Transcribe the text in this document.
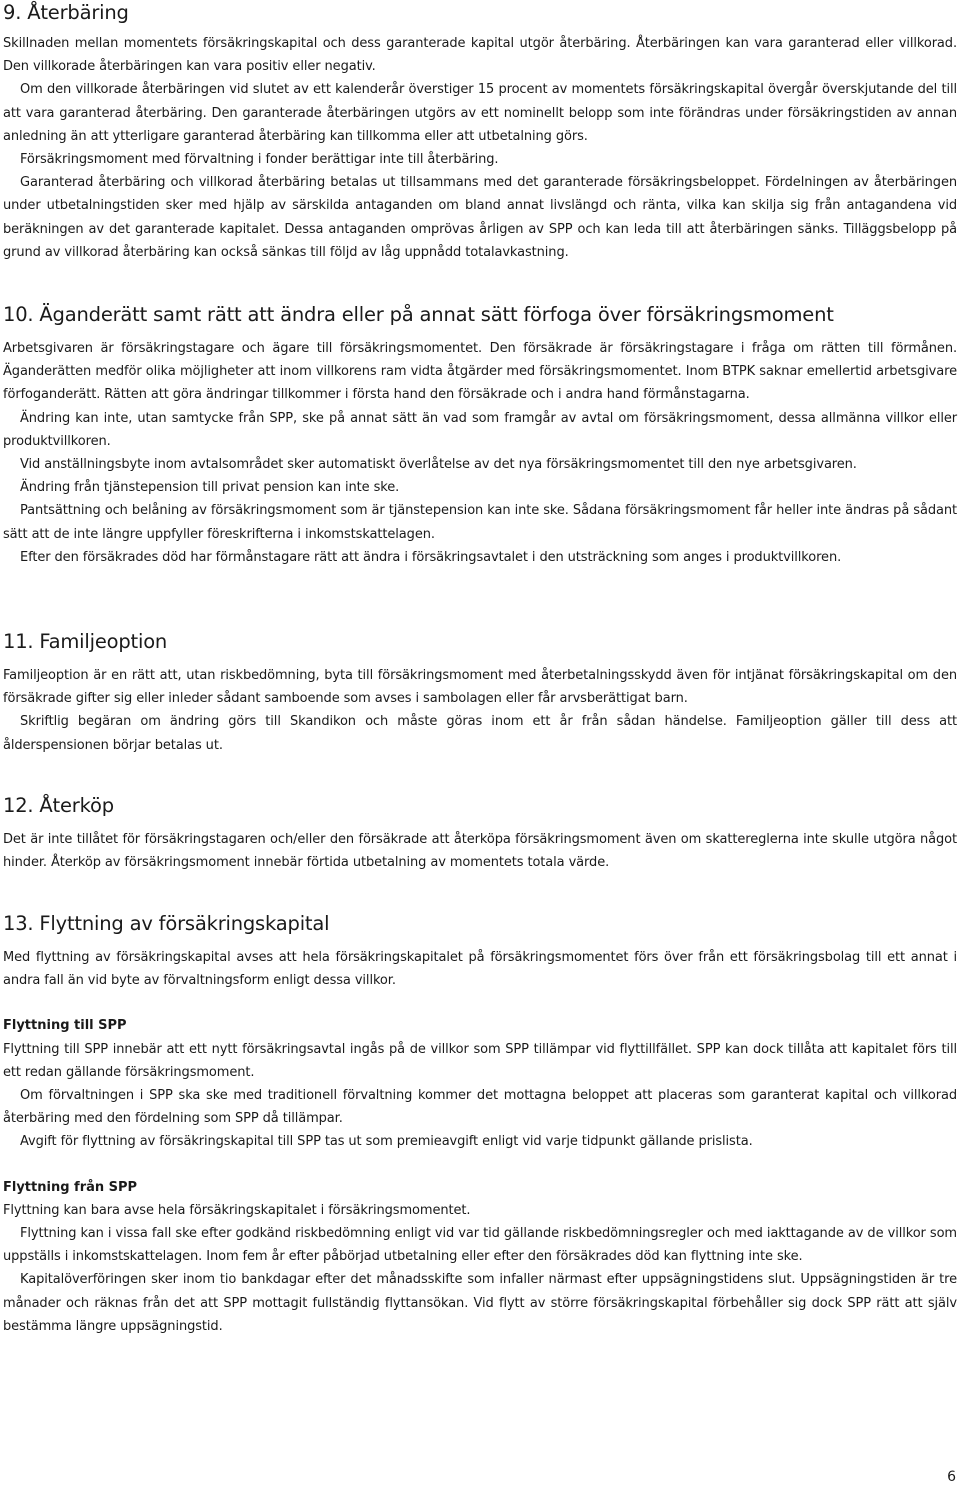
9. Återbäring

Skillnaden mellan momentets försäkringskapital och dess garanterade kapital utgör återbäring. Återbäringen kan vara garanterad eller villkorad. Den villkorade återbäringen kan vara positiv eller negativ.

Om den villkorade återbäringen vid slutet av ett kalenderår överstiger 15 procent av momentets försäkringskapital övergår överskjutande del till att vara garanterad återbäring. Den garanterade återbäringen utgörs av ett nominellt belopp som inte förändras under försäkringstiden av annan anledning än att ytterligare garanterad återbäring kan tillkomma eller att utbetalning görs.

Försäkringsmoment med förvaltning i fonder berättigar inte till återbäring.

Garanterad återbäring och villkorad återbäring betalas ut tillsammans med det garanterade försäkringsbeloppet. Fördelningen av återbäringen under utbetalningstiden sker med hjälp av särskilda antaganden om bland annat livslängd och ränta, vilka kan skilja sig från antagandena vid beräkningen av det garanterade kapitalet. Dessa antaganden omprövas årligen av SPP och kan leda till att återbäringen sänks. Tilläggsbelopp på grund av villkorad återbäring kan också sänkas till följd av låg uppnådd totalavkastning.

10. Äganderätt samt rätt att ändra eller på annat sätt förfoga över försäkringsmoment

Arbetsgivaren är försäkringstagare och ägare till försäkringsmomentet. Den försäkrade är försäkringstagare i fråga om rätten till förmånen. Äganderätten medför olika möjligheter att inom villkorens ram vidta åtgärder med försäkringsmomentet. Inom BTPK saknar emellertid arbetsgivare förfoganderätt. Rätten att göra ändringar tillkommer i första hand den försäkrade och i andra hand förmånstagarna.

Ändring kan inte, utan samtycke från SPP, ske på annat sätt än vad som framgår av avtal om försäkringsmoment, dessa allmänna villkor eller produktvillkoren.

Vid anställningsbyte inom avtalsområdet sker automatiskt överlåtelse av det nya försäkringsmomentet till den nye arbetsgivaren.

Ändring från tjänstepension till privat pension kan inte ske.

Pantsättning och belåning av försäkringsmoment som är tjänstepension kan inte ske. Sådana försäkringsmoment får heller inte ändras på sådant sätt att de inte längre uppfyller föreskrifterna i inkomstskattelagen.

Efter den försäkrades död har förmånstagare rätt att ändra i försäkringsavtalet i den utsträckning som anges i produktvillkoren.

11. Familjeoption

Familjeoption är en rätt att, utan riskbedömning, byta till försäkringsmoment med återbetalningsskydd även för intjänat försäkringskapital om den försäkrade gifter sig eller inleder sådant samboende som avses i sambolagen eller får arvsberättigat barn.

Skriftlig begäran om ändring görs till Skandikon och måste göras inom ett år från sådan händelse. Familjeoption gäller till dess att ålderspensionen börjar betalas ut.

12. Återköp

Det är inte tillåtet för försäkringstagaren och/eller den försäkrade att återköpa försäkringsmoment även om skattereglerna inte skulle utgöra något hinder. Återköp av försäkringsmoment innebär förtida utbetalning av momentets totala värde.

13. Flyttning av försäkringskapital

Med flyttning av försäkringskapital avses att hela försäkringskapitalet på försäkringsmomentet förs över från ett försäkringsbolag till ett annat i andra fall än vid byte av förvaltningsform enligt dessa villkor.

Flyttning till SPP

Flyttning till SPP innebär att ett nytt försäkringsavtal ingås på de villkor som SPP tillämpar vid flyttillfället. SPP kan dock tillåta att kapitalet förs till ett redan gällande försäkringsmoment.

Om förvaltningen i SPP ska ske med traditionell förvaltning kommer det mottagna beloppet att placeras som garanterat kapital och villkorad återbäring med den fördelning som SPP då tillämpar.

Avgift för flyttning av försäkringskapital till SPP tas ut som premieavgift enligt vid varje tidpunkt gällande prislista.

Flyttning från SPP

Flyttning kan bara avse hela försäkringskapitalet i försäkringsmomentet.

Flyttning kan i vissa fall ske efter godkänd riskbedömning enligt vid var tid gällande riskbedömningsregler och med iakttagande av de villkor som uppställs i inkomstskattelagen. Inom fem år efter påbörjad utbetalning eller efter den försäkrades död kan flyttning inte ske.

Kapitalöverföringen sker inom tio bankdagar efter det månadsskifte som infaller närmast efter uppsägningstidens slut. Uppsägningstiden är tre månader och räknas från det att SPP mottagit fullständig flyttansökan. Vid flytt av större försäkringskapital förbehåller sig dock SPP rätt att själv bestämma längre uppsägningstid.

6
